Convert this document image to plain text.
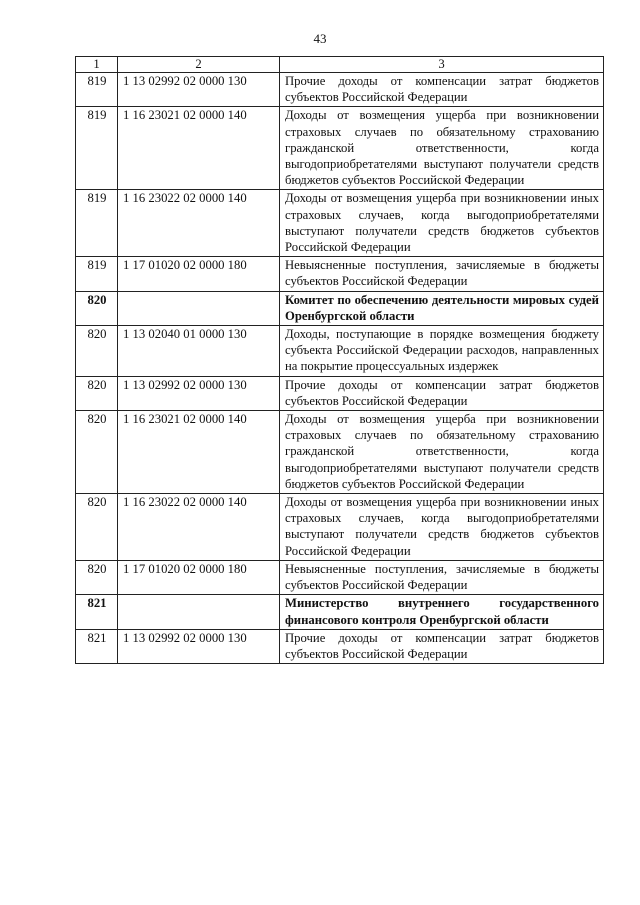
43
1	2	3
819	1 13 02992 02 0000 130	Прочие доходы от компенсации затрат бюджетов субъектов Российской Федерации
819	1 16 23021 02 0000 140	Доходы от возмещения ущерба при возникновении страховых случаев по обязательному страхованию гражданской ответственности, когда выгодоприобретателями выступают получатели средств бюджетов субъектов Российской Федерации
819	1 16 23022 02 0000 140	Доходы от возмещения ущерба при возникновении иных страховых случаев, когда выгодоприобретателями выступают получатели средств бюджетов субъектов Российской Федерации
819	1 17 01020 02 0000 180	Невыясненные поступления, зачисляемые в бюджеты субъектов Российской Федерации
820		Комитет по обеспечению деятельности мировых судей Оренбургской области
820	1 13 02040 01 0000 130	Доходы, поступающие в порядке возмещения бюджету субъекта Российской Федерации расходов, направленных на покрытие процессуальных издержек
820	1 13 02992 02 0000 130	Прочие доходы от компенсации затрат бюджетов субъектов Российской Федерации
820	1 16 23021 02 0000 140	Доходы от возмещения ущерба при возникновении страховых случаев по обязательному страхованию гражданской ответственности, когда выгодоприобретателями выступают получатели средств бюджетов субъектов Российской Федерации
820	1 16 23022 02 0000 140	Доходы от возмещения ущерба при возникновении иных страховых случаев, когда выгодоприобретателями выступают получатели средств бюджетов субъектов Российской Федерации
820	1 17 01020 02 0000 180	Невыясненные поступления, зачисляемые в бюджеты субъектов Российской Федерации
821		Министерство внутреннего государственного финансового контроля Оренбургской области
821	1 13 02992 02 0000 130	Прочие доходы от компенсации затрат бюджетов субъектов Российской Федерации
